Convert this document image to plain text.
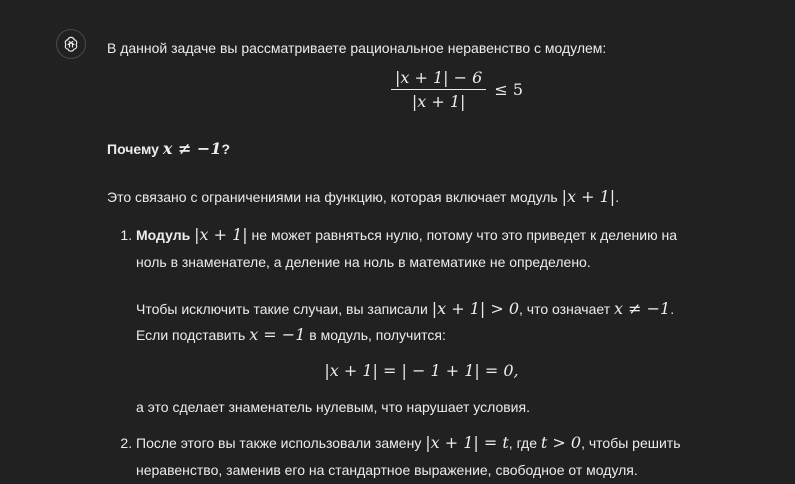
В данной задаче вы рассматриваете рациональное неравенство с модулем:

$\frac{|x + 1| - 6}{|x + 1|} \le 5$

Почему x ≠ −1?

Это связано с ограничениями на функцию, которая включает модуль |x + 1|.

1. Модуль |x + 1| не может равняться нулю, потому что это приведет к делению на ноль в знаменателе, а деление на ноль в математике не определено.
Чтобы исключить такие случаи, вы записали |x + 1| > 0, что означает x ≠ −1. Если подставить x = −1 в модуль, получится:
|x + 1| = | − 1 + 1| = 0,
а это сделает знаменатель нулевым, что нарушает условия.
2. После этого вы также использовали замену |x + 1| = t, где t > 0, чтобы решить неравенство, заменив его на стандартное выражение, свободное от модуля.
